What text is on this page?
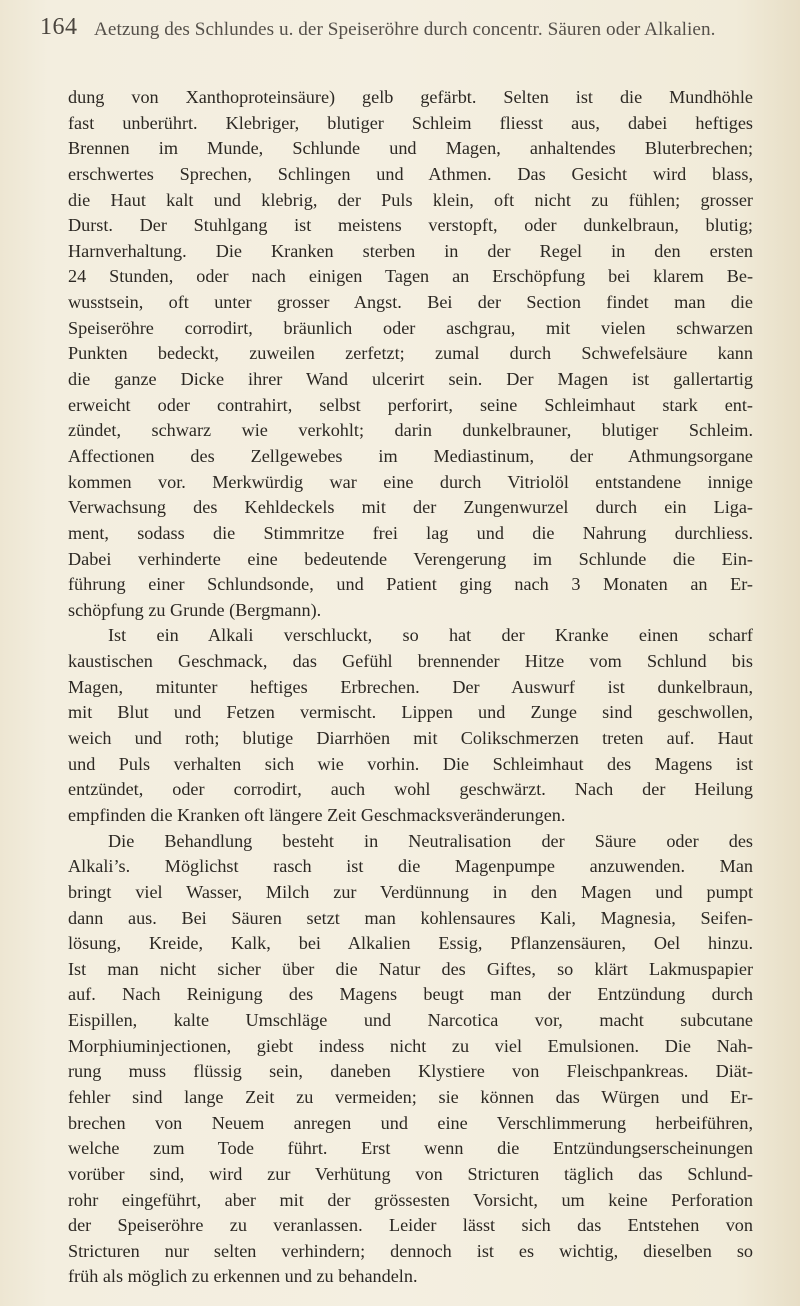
164 Aetzung des Schlundes u. der Speiseröhre durch concentr. Säuren oder Alkalien.
dung von Xanthoproteinsäure) gelb gefärbt. Selten ist die Mundhöhle
fast unberührt. Klebriger, blutiger Schleim fliesst aus, dabei heftiges
Brennen im Munde, Schlunde und Magen, anhaltendes Bluterbrechen;
erschwertes Sprechen, Schlingen und Athmen. Das Gesicht wird blass,
die Haut kalt und klebrig, der Puls klein, oft nicht zu fühlen; grosser
Durst. Der Stuhlgang ist meistens verstopft, oder dunkelbraun, blutig;
Harnverhaltung. Die Kranken sterben in der Regel in den ersten
24 Stunden, oder nach einigen Tagen an Erschöpfung bei klarem Be-
wusstsein, oft unter grosser Angst. Bei der Section findet man die
Speiseröhre corrodirt, bräunlich oder aschgrau, mit vielen schwarzen
Punkten bedeckt, zuweilen zerfetzt; zumal durch Schwefelsäure kann
die ganze Dicke ihrer Wand ulcerirt sein. Der Magen ist gallertartig
erweicht oder contrahirt, selbst perforirt, seine Schleimhaut stark ent-
zündet, schwarz wie verkohlt; darin dunkelbrauner, blutiger Schleim.
Affectionen des Zellgewebes im Mediastinum, der Athmungsorgane
kommen vor. Merkwürdig war eine durch Vitriolöl entstandene innige
Verwachsung des Kehldeckels mit der Zungenwurzel durch ein Liga-
ment, sodass die Stimmritze frei lag und die Nahrung durchliess.
Dabei verhinderte eine bedeutende Verengerung im Schlunde die Ein-
führung einer Schlundsonde, und Patient ging nach 3 Monaten an Er-
schöpfung zu Grunde (Bergmann).
Ist ein Alkali verschluckt, so hat der Kranke einen scharf
kaustischen Geschmack, das Gefühl brennender Hitze vom Schlund bis
Magen, mitunter heftiges Erbrechen. Der Auswurf ist dunkelbraun,
mit Blut und Fetzen vermischt. Lippen und Zunge sind geschwollen,
weich und roth; blutige Diarrhöen mit Colikschmerzen treten auf. Haut
und Puls verhalten sich wie vorhin. Die Schleimhaut des Magens ist
entzündet, oder corrodirt, auch wohl geschwärzt. Nach der Heilung
empfinden die Kranken oft längere Zeit Geschmacksveränderungen.
Die Behandlung besteht in Neutralisation der Säure oder des
Alkali’s. Möglichst rasch ist die Magenpumpe anzuwenden. Man
bringt viel Wasser, Milch zur Verdünnung in den Magen und pumpt
dann aus. Bei Säuren setzt man kohlensaures Kali, Magnesia, Seifen-
lösung, Kreide, Kalk, bei Alkalien Essig, Pflanzensäuren, Oel hinzu.
Ist man nicht sicher über die Natur des Giftes, so klärt Lakmuspapier
auf. Nach Reinigung des Magens beugt man der Entzündung durch
Eispillen, kalte Umschläge und Narcotica vor, macht subcutane
Morphiuminjectionen, giebt indess nicht zu viel Emulsionen. Die Nah-
rung muss flüssig sein, daneben Klystiere von Fleischpankreas. Diät-
fehler sind lange Zeit zu vermeiden; sie können das Würgen und Er-
brechen von Neuem anregen und eine Verschlimmerung herbeiführen,
welche zum Tode führt. Erst wenn die Entzündungserscheinungen
vorüber sind, wird zur Verhütung von Stricturen täglich das Schlund-
rohr eingeführt, aber mit der grössesten Vorsicht, um keine Perforation
der Speiseröhre zu veranlassen. Leider lässt sich das Entstehen von
Stricturen nur selten verhindern; dennoch ist es wichtig, dieselben so
früh als möglich zu erkennen und zu behandeln.
